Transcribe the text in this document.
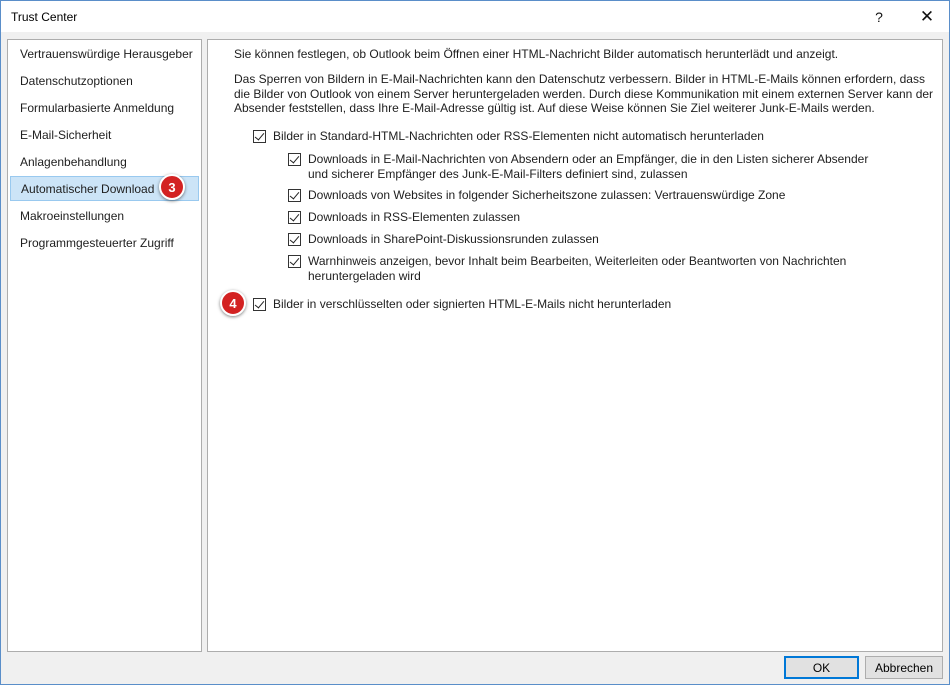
Trust Center	?	✕
Vertrauenswürdige Herausgeber
Datenschutzoptionen
Formularbasierte Anmeldung
E-Mail-Sicherheit
Anlagenbehandlung
Automatischer Download
Makroeinstellungen
Programmgesteuerter Zugriff
3
Sie können festlegen, ob Outlook beim Öffnen einer HTML-Nachricht Bilder automatisch herunterlädt und anzeigt.
Das Sperren von Bildern in E-Mail-Nachrichten kann den Datenschutz verbessern. Bilder in HTML-E-Mails können erfordern, dass die Bilder von Outlook von einem Server heruntergeladen werden. Durch diese Kommunikation mit einem externen Server kann der Absender feststellen, dass Ihre E-Mail-Adresse gültig ist. Auf diese Weise können Sie Ziel weiterer Junk-E-Mails werden.
Bilder in Standard-HTML-Nachrichten oder RSS-Elementen nicht automatisch herunterladen
Downloads in E-Mail-Nachrichten von Absendern oder an Empfänger, die in den Listen sicherer Absender und sicherer Empfänger des Junk-E-Mail-Filters definiert sind, zulassen
Downloads von Websites in folgender Sicherheitszone zulassen: Vertrauenswürdige Zone
Downloads in RSS-Elementen zulassen
Downloads in SharePoint-Diskussionsrunden zulassen
Warnhinweis anzeigen, bevor Inhalt beim Bearbeiten, Weiterleiten oder Beantworten von Nachrichten heruntergeladen wird
Bilder in verschlüsselten oder signierten HTML-E-Mails nicht herunterladen
4
OK	Abbrechen
